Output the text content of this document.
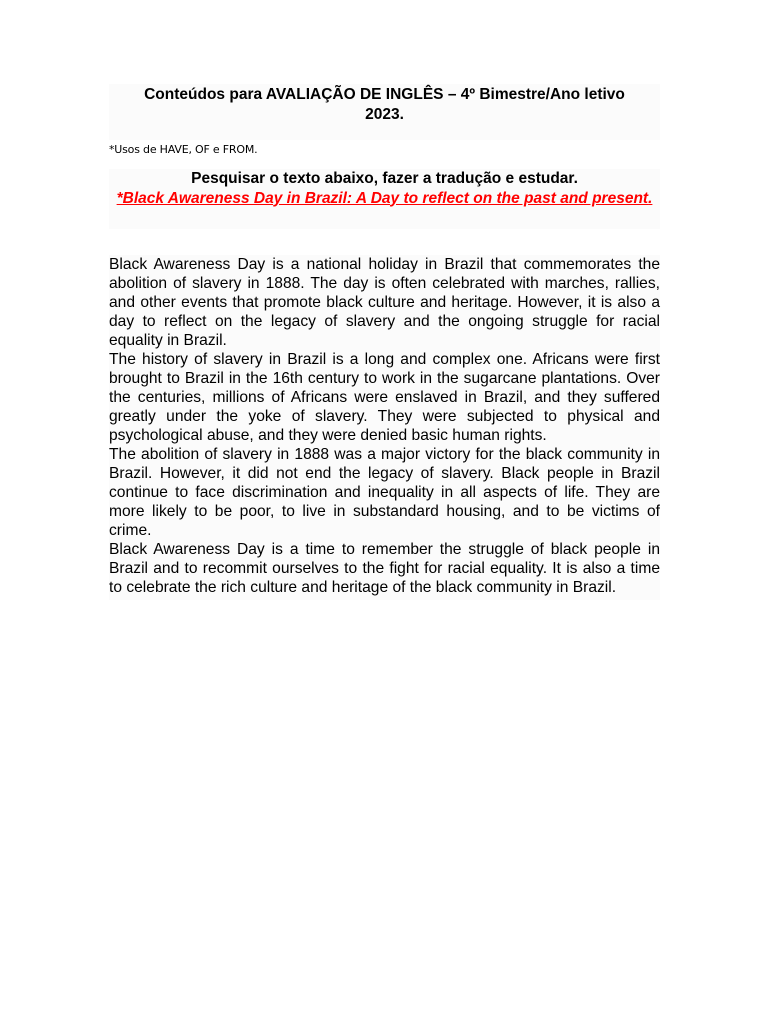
Conteúdos para AVALIAÇÃO DE INGLÊS – 4º Bimestre/Ano letivo
2023.
*Usos de HAVE, OF e FROM.
Pesquisar o texto abaixo, fazer a tradução e estudar.
*Black Awareness Day in Brazil: A Day to reflect on the past and present.

Black Awareness Day is a national holiday in Brazil that commemorates the abolition of slavery in 1888. The day is often celebrated with marches, rallies, and other events that promote black culture and heritage. However, it is also a day to reflect on the legacy of slavery and the ongoing struggle for racial equality in Brazil.

The history of slavery in Brazil is a long and complex one. Africans were first brought to Brazil in the 16th century to work in the sugarcane plantations. Over the centuries, millions of Africans were enslaved in Brazil, and they suffered greatly under the yoke of slavery. They were subjected to physical and psychological abuse, and they were denied basic human rights.

The abolition of slavery in 1888 was a major victory for the black community in Brazil. However, it did not end the legacy of slavery. Black people in Brazil continue to face discrimination and inequality in all aspects of life. They are more likely to be poor, to live in substandard housing, and to be victims of crime.

Black Awareness Day is a time to remember the struggle of black people in Brazil and to recommit ourselves to the fight for racial equality. It is also a time to celebrate the rich culture and heritage of the black community in Brazil.
